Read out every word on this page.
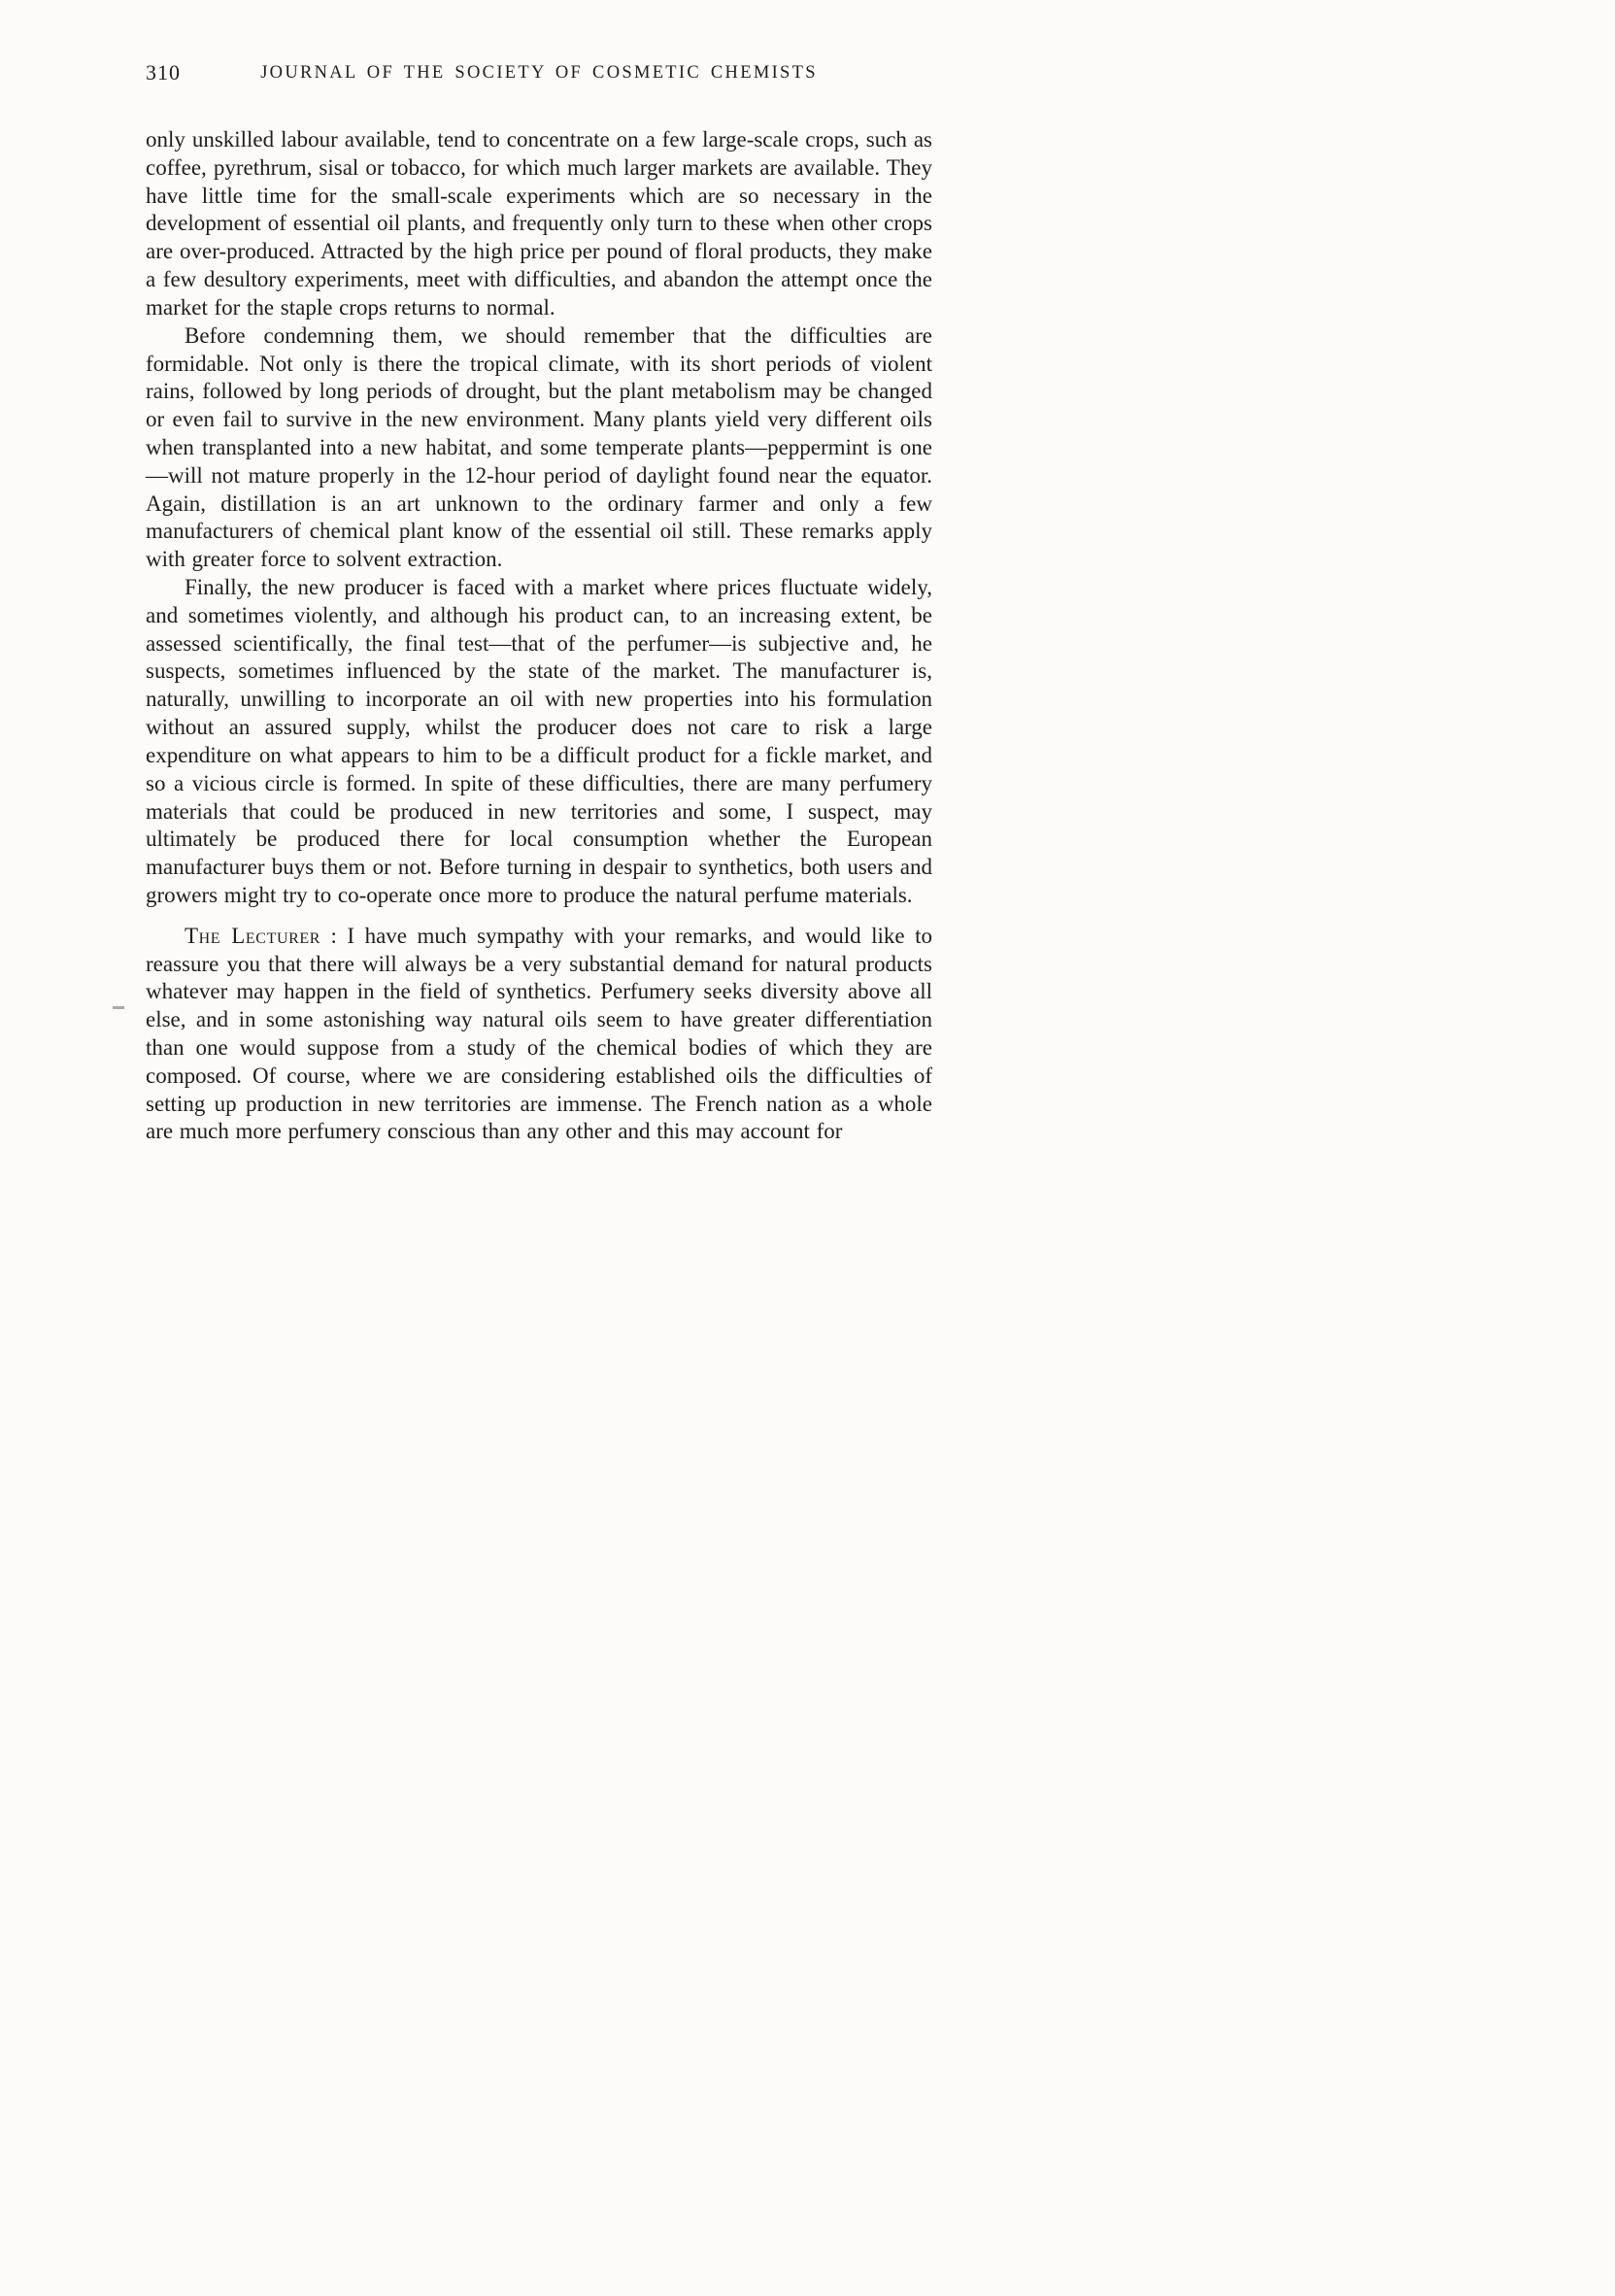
310	JOURNAL OF THE SOCIETY OF COSMETIC CHEMISTS

only unskilled labour available, tend to concentrate on a few large-scale crops, such as coffee, pyrethrum, sisal or tobacco, for which much larger markets are available. They have little time for the small-scale experiments which are so necessary in the development of essential oil plants, and frequently only turn to these when other crops are over-produced. Attracted by the high price per pound of floral products, they make a few desultory experiments, meet with difficulties, and abandon the attempt once the market for the staple crops returns to normal.

Before condemning them, we should remember that the difficulties are formidable. Not only is there the tropical climate, with its short periods of violent rains, followed by long periods of drought, but the plant metabolism may be changed or even fail to survive in the new environment. Many plants yield very different oils when transplanted into a new habitat, and some temperate plants—peppermint is one—will not mature properly in the 12-hour period of daylight found near the equator. Again, distillation is an art unknown to the ordinary farmer and only a few manufacturers of chemical plant know of the essential oil still. These remarks apply with greater force to solvent extraction.

Finally, the new producer is faced with a market where prices fluctuate widely, and sometimes violently, and although his product can, to an increasing extent, be assessed scientifically, the final test—that of the perfumer—is subjective and, he suspects, sometimes influenced by the state of the market. The manufacturer is, naturally, unwilling to incorporate an oil with new properties into his formulation without an assured supply, whilst the producer does not care to risk a large expenditure on what appears to him to be a difficult product for a fickle market, and so a vicious circle is formed. In spite of these difficulties, there are many perfumery materials that could be produced in new territories and some, I suspect, may ultimately be produced there for local consumption whether the European manufacturer buys them or not. Before turning in despair to synthetics, both users and growers might try to co-operate once more to produce the natural perfume materials.

The Lecturer : I have much sympathy with your remarks, and would like to reassure you that there will always be a very substantial demand for natural products whatever may happen in the field of synthetics. Perfumery seeks diversity above all else, and in some astonishing way natural oils seem to have greater differentiation than one would suppose from a study of the chemical bodies of which they are composed. Of course, where we are considering established oils the difficulties of setting up production in new territories are immense. The French nation as a whole are much more perfumery conscious than any other and this may account for
